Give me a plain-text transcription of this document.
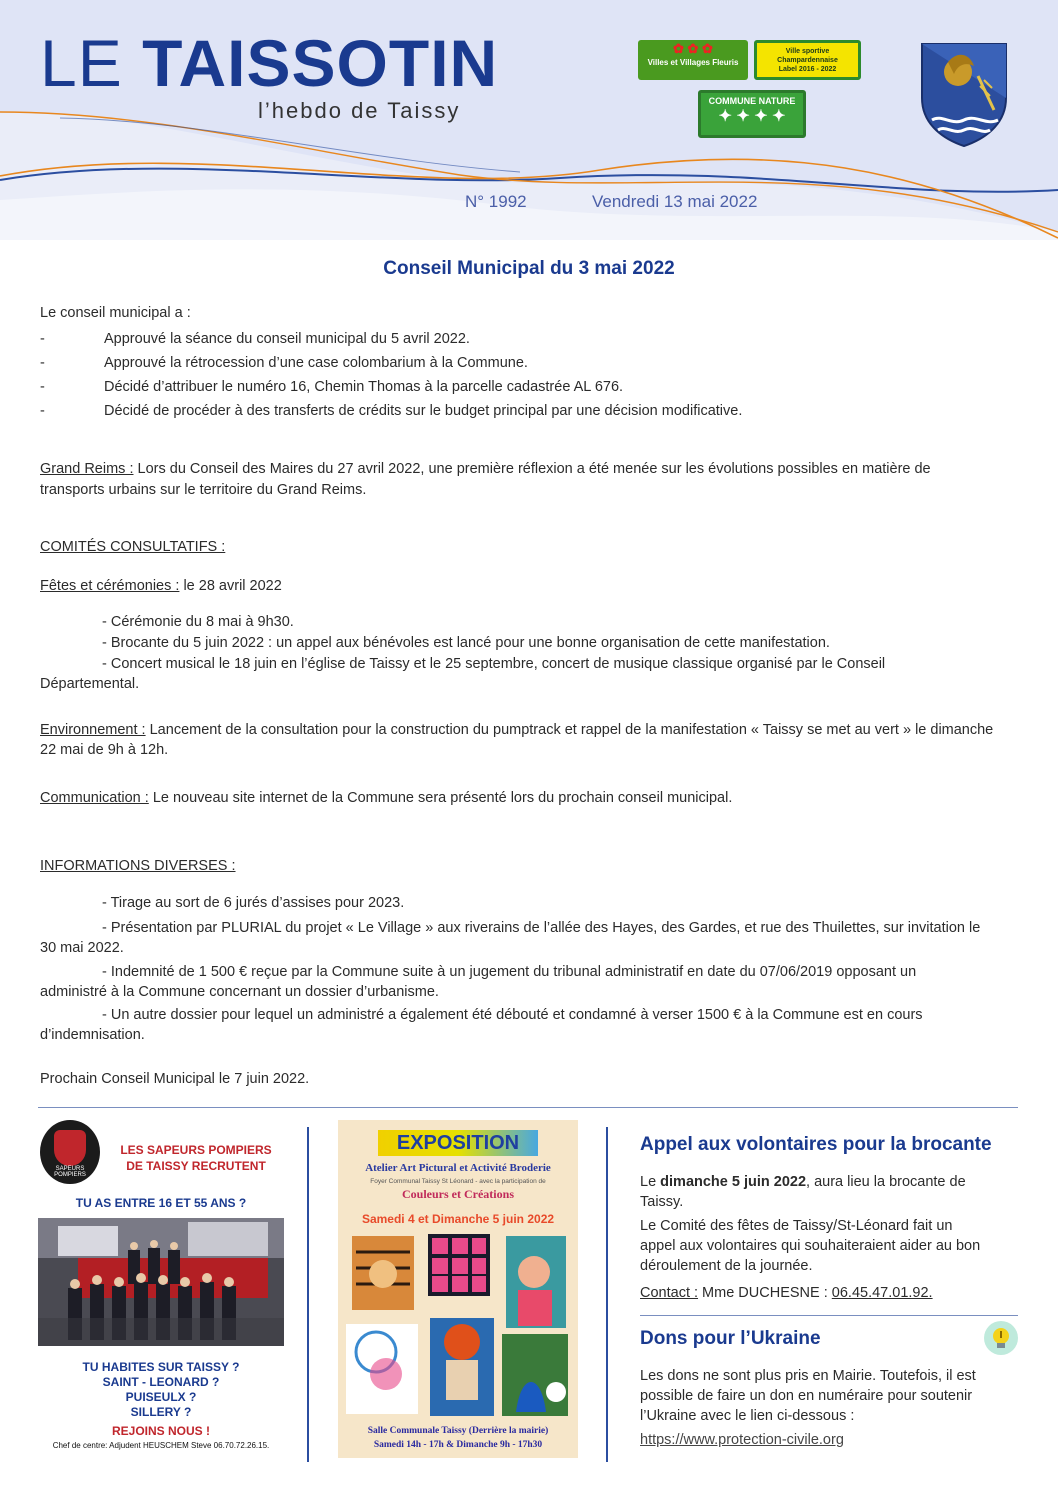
LE TAISSOTIN
l’hebdo de Taissy
✿ ✿ ✿
Villes et Villages Fleuris
Ville sportive
Champardennaise
Label 2016 - 2022
COMMUNE NATURE
✦ ✦ ✦ ✦
N° 1992	Vendredi 13 mai 2022
Conseil Municipal du 3 mai 2022
Le conseil municipal a :
-	Approuvé la séance du conseil municipal du 5 avril 2022.
-	Approuvé la rétrocession d’une case colombarium à la Commune.
-	Décidé d’attribuer le numéro 16, Chemin Thomas à la parcelle cadastrée AL 676.
-	Décidé de procéder à des transferts de crédits sur le budget principal par une décision modificative.
Grand Reims : Lors du Conseil des Maires du 27 avril 2022, une première réflexion a été menée sur les évolutions possibles en matière de
transports urbains sur le territoire du Grand Reims.
COMITÉS CONSULTATIFS :
Fêtes et cérémonies : le 28 avril 2022
- Cérémonie du 8 mai à 9h30.
- Brocante du 5 juin 2022 : un appel aux bénévoles est lancé pour une bonne organisation de cette manifestation.
- Concert musical le 18 juin en l’église de Taissy et le 25 septembre, concert de musique classique organisé par le Conseil
Départemental.
Environnement : Lancement de la consultation pour la construction du pumptrack et rappel de la manifestation « Taissy se met au vert » le dimanche
22 mai de 9h à 12h.
Communication : Le nouveau site internet de la Commune sera présenté lors du prochain conseil municipal.
INFORMATIONS DIVERSES :
- Tirage au sort de 6 jurés d’assises pour 2023.
- Présentation par PLURIAL du projet « Le Village » aux riverains de l’allée des Hayes, des Gardes, et rue des Thuilettes, sur invitation le
30 mai 2022.
- Indemnité de 1 500 € reçue par la Commune suite à un jugement du tribunal administratif en date du 07/06/2019 opposant un
administré à la Commune concernant un dossier d’urbanisme.
- Un autre dossier pour lequel un administré a également été débouté et condamné à verser 1500 € à la Commune est en cours
d’indemnisation.
Prochain Conseil Municipal le 7 juin 2022.
SAPEURS POMPIERS
LES SAPEURS POMPIERS
DE TAISSY RECRUTENT
TU AS ENTRE 16 ET 55 ANS ?
TU HABITES SUR TAISSY ?
SAINT - LEONARD ?
PUISEULX ?
SILLERY ?
REJOINS NOUS !
Chef de centre: Adjudent HEUSCHEM Steve 06.70.72.26.15.
EXPOSITION
Atelier Art Pictural et Activité Broderie
Foyer Communal Taissy St Léonard - avec la participation de
Couleurs et Créations
Samedi 4 et Dimanche 5 juin 2022
Salle Communale Taissy (Derrière la mairie)
Samedi 14h - 17h & Dimanche 9h - 17h30
Appel aux volontaires pour la brocante
Le dimanche 5 juin 2022, aura lieu la brocante de
Taissy.
Le Comité des fêtes de Taissy/St-Léonard fait un
appel aux volontaires qui souhaiteraient aider au bon
déroulement de la journée.
Contact : Mme DUCHESNE : 06.45.47.01.92.
Dons pour l’Ukraine
Les dons ne sont plus pris en Mairie. Toutefois, il est
possible de faire un don en numéraire pour soutenir
l’Ukraine avec le lien ci-dessous :
https://www.protection-civile.org
